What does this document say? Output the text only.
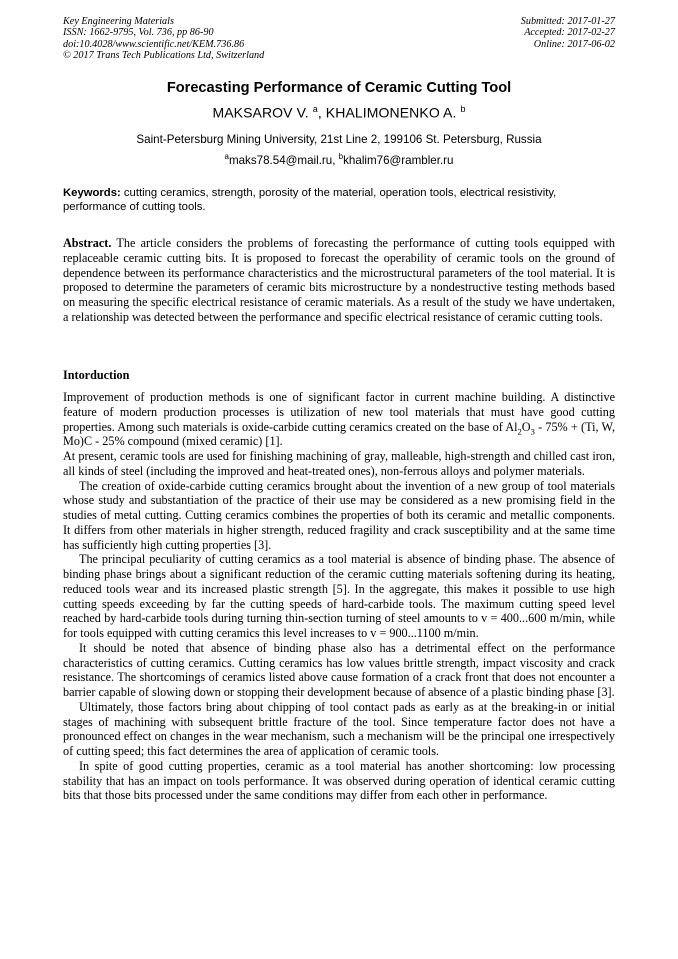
Key Engineering Materials
ISSN: 1662-9795, Vol. 736, pp 86-90
doi:10.4028/www.scientific.net/KEM.736.86
© 2017 Trans Tech Publications Ltd, Switzerland
Submitted: 2017-01-27
Accepted: 2017-02-27
Online: 2017-06-02
Forecasting Performance of Ceramic Cutting Tool
MAKSAROV V. $^a$, KHALIMONENKO A. $^b$
Saint-Petersburg Mining University, 21st Line 2, 199106 St. Petersburg, Russia
$^a$maks78.54@mail.ru, $^b$khalim76@rambler.ru
Keywords: cutting ceramics, strength, porosity of the material, operation tools, electrical resistivity, performance of cutting tools.
Abstract. The article considers the problems of forecasting the performance of cutting tools equipped with replaceable ceramic cutting bits. It is proposed to forecast the operability of ceramic tools on the ground of dependence between its performance characteristics and the microstructural parameters of the tool material. It is proposed to determine the parameters of ceramic bits microstructure by a nondestructive testing methods based on measuring the specific electrical resistance of ceramic materials. As a result of the study we have undertaken, a relationship was detected between the performance and specific electrical resistance of ceramic cutting tools.
Intorduction

Improvement of production methods is one of significant factor in current machine building. A distinctive feature of modern production processes is utilization of new tool materials that must have good cutting properties. Among such materials is oxide-carbide cutting ceramics created on the base of $Al_2O_3 - 75\% + (Ti$, W, Mo)C - 25% compound (mixed ceramic) [1].

At present, ceramic tools are used for finishing machining of gray, malleable, high-strength and chilled cast iron, all kinds of steel (including the improved and heat-treated ones), non-ferrous alloys and polymer materials.

The creation of oxide-carbide cutting ceramics brought about the invention of a new group of tool materials whose study and substantiation of the practice of their use may be considered as a new promising field in the studies of metal cutting. Cutting ceramics combines the properties of both its ceramic and metallic components. It differs from other materials in higher strength, reduced fragility and crack susceptibility and at the same time has sufficiently high cutting properties [3].

The principal peculiarity of cutting ceramics as a tool material is absence of binding phase. The absence of binding phase brings about a significant reduction of the ceramic cutting materials softening during its heating, reduced tools wear and its increased plastic strength [5]. In the aggregate, this makes it possible to use high cutting speeds exceeding by far the cutting speeds of hard-carbide tools. The maximum cutting speed level reached by hard-carbide tools during turning thin-section turning of steel amounts to v = 400...600 m/min, while for tools equipped with cutting ceramics this level increases to v = 900...1100 m/min.

It should be noted that absence of binding phase also has a detrimental effect on the performance characteristics of cutting ceramics. Cutting ceramics has low values brittle strength, impact viscosity and crack resistance. The shortcomings of ceramics listed above cause formation of a crack front that does not encounter a barrier capable of slowing down or stopping their development because of absence of a plastic binding phase [3].

Ultimately, those factors bring about chipping of tool contact pads as early as at the breaking-in or initial stages of machining with subsequent brittle fracture of the tool. Since temperature factor does not have a pronounced effect on changes in the wear mechanism, such a mechanism will be the principal one irrespectively of cutting speed; this fact determines the area of application of ceramic tools.

In spite of good cutting properties, ceramic as a tool material has another shortcoming: low processing stability that has an impact on tools performance. It was observed during operation of identical ceramic cutting bits that those bits processed under the same conditions may differ from each other in performance.
